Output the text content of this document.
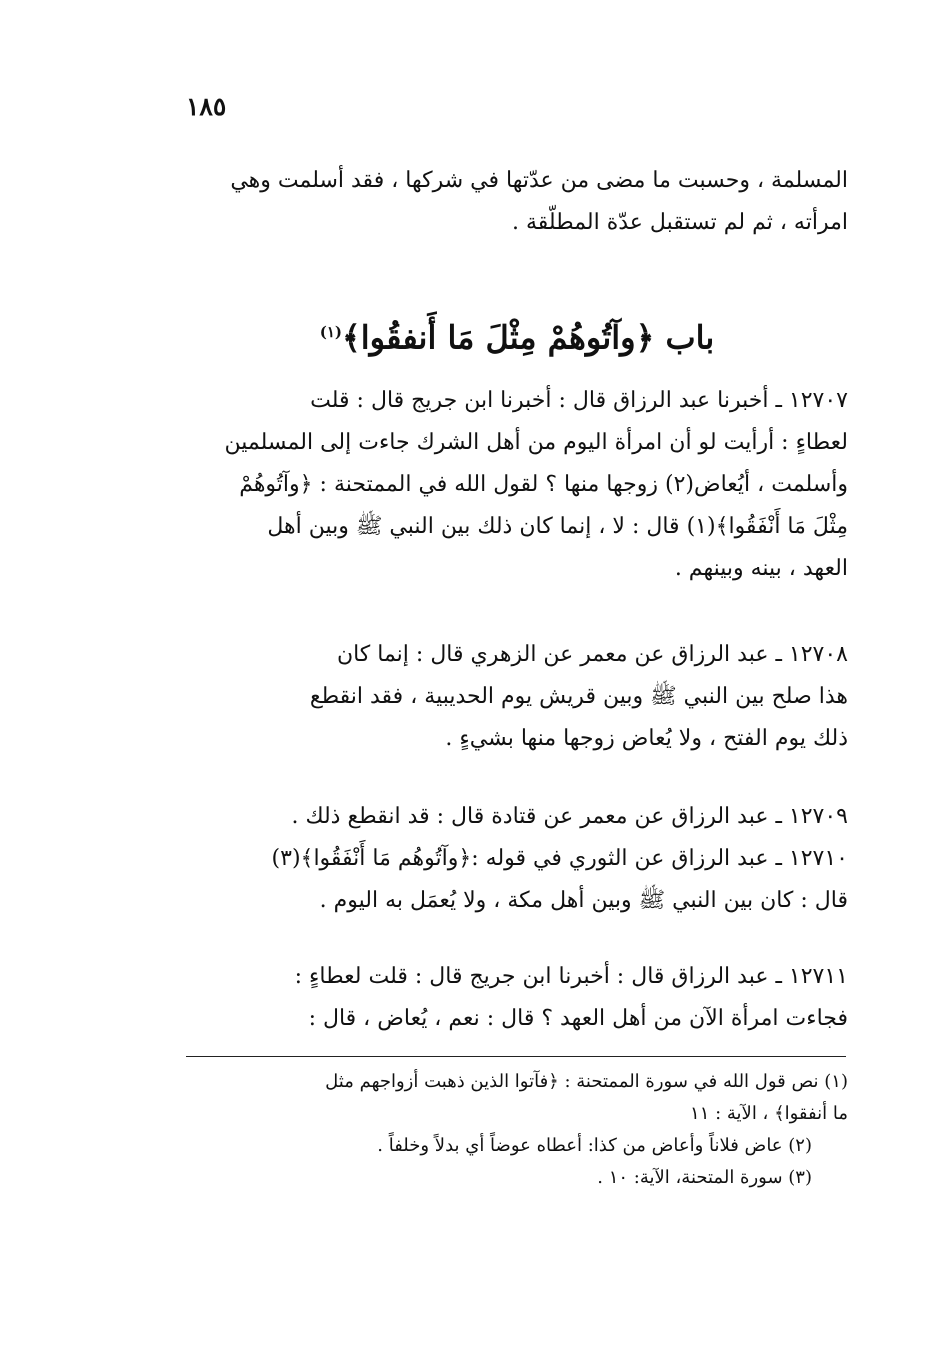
١٨٥
المسلمة ، وحسبت ما مضى من عدّتها في شركها ، فقد أسلمت وهي
امرأته ، ثم لم تستقبل عدّة المطلّقة .
باب ﴿وآتُوهُمْ مِثْلَ مَا أَنفقُوا﴾$^{(١)}$
١٢٧٠٧ ـ أخبرنا عبد الرزاق قال : أخبرنا ابن جريج قال : قلت
لعطاءٍ : أرأيت لو أن امرأة اليوم من أهل الشرك جاءت إلى المسلمين
وأسلمت ، أيُعاض(٢) زوجها منها ؟ لقول الله في الممتحنة : ﴿وآتُوهُمْ
مِثْلَ مَا أَنْفَقُوا﴾(١) قال : لا ، إنما كان ذلك بين النبي ﷺ وبين أهل
العهد ، بينه وبينهم .
١٢٧٠٨ ـ عبد الرزاق عن معمر عن الزهري قال : إنما كان
هذا صلح بين النبي ﷺ وبين قريش يوم الحديبية ، فقد انقطع
ذلك يوم الفتح ، ولا يُعاض زوجها منها بشيءٍ .
١٢٧٠٩ ـ عبد الرزاق عن معمر عن قتادة قال : قد انقطع ذلك .
١٢٧١٠ ـ عبد الرزاق عن الثوري في قوله :﴿وآتُوهُم مَا أَنْفَقُوا﴾(٣)
قال : كان بين النبي ﷺ وبين أهل مكة ، ولا يُعمَل به اليوم .
١٢٧١١ ـ عبد الرزاق قال : أخبرنا ابن جريج قال : قلت لعطاءٍ :
فجاءت امرأة الآن من أهل العهد ؟ قال : نعم ، يُعاض ، قال :
(١) نص قول الله في سورة الممتحنة : ﴿فآتوا الذين ذهبت أزواجهم مثل
ما أنفقوا﴾ ، الآية : ١١
(٢) عاض فلاناً وأعاض من كذا: أعطاه عوضاً أي بدلاً وخلفاً .
(٣) سورة المتحنة، الآية: ١٠ .
